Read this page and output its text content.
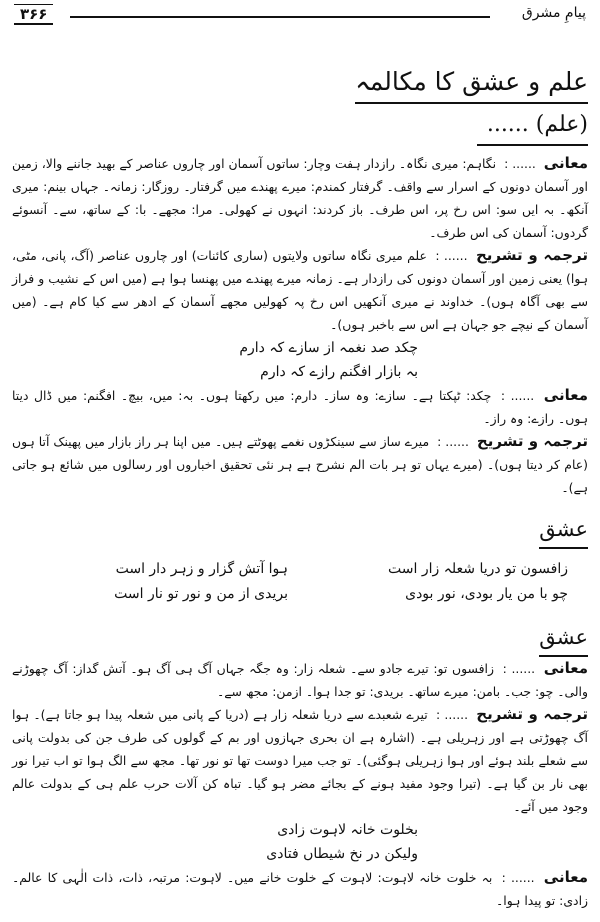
۳۶۶	پیامِ مشرق
علم و عشق کا مکالمہ
(علم) ......

معانی ...... : نگاہم: میری نگاہ۔ رازدار ہفت وچار: ساتوں آسمان اور چاروں عناصر کے بھید جاننے والا، زمین اور آسمان دونوں کے اسرار سے واقف۔ گرفتار کمندم: میرے پھندے میں گرفتار۔ روزگار: زمانہ۔ جہاں بینم: میری آنکھ۔ بہ ایں سو: اس رخ پر، اس طرف۔ باز کردند: انہوں نے کھولی۔ مرا: مجھے۔ با: کے ساتھ، سے۔ آنسوئے گردوں: آسمان کی اس طرف۔

ترجمہ و تشریح ...... : علم میری نگاہ ساتوں ولایتوں (ساری کائنات) اور چاروں عناصر (آگ، پانی، مٹی، ہوا) یعنی زمین اور آسمان دونوں کی رازدار ہے۔ زمانہ میرے پھندے میں پھنسا ہوا ہے (میں اس کے نشیب و فراز سے بھی آگاہ ہوں)۔ خداوند نے میری آنکھیں اس رخ پہ کھولیں مجھے آسمان کے ادھر سے کیا کام ہے۔ (میں آسمان کے نیچے جو جہان ہے اس سے باخبر ہوں)۔

چکد صد نغمہ از سازے کہ دارم
بہ بازار افگنم رازے کہ دارم

معانی ...... : چکد: ٹپکتا ہے۔ سازے: وہ ساز۔ دارم: میں رکھتا ہوں۔ بہ: میں، بیچ۔ افگنم: میں ڈال دیتا ہوں۔ رازے: وہ راز۔

ترجمہ و تشریح ...... : میرے ساز سے سینکڑوں نغمے پھوٹتے ہیں۔ میں اپنا ہر راز بازار میں پھینک آتا ہوں (عام کر دیتا ہوں)۔ (میرے یہاں تو ہر بات الم نشرح ہے ہر نئی تحقیق اخباروں اور رسالوں میں شائع ہو جاتی ہے)۔

عشق
زافسون تو دریا شعلہ زار است
ہوا آتش گزار و زہر دار است
چو با من یار بودی، نور بودی
بریدی از من و نور تو نار است
عشق

معانی ...... : زافسوں تو: تیرے جادو سے۔ شعلہ زار: وہ جگہ جہاں آگ ہی آگ ہو۔ آتش گداز: آگ چھوڑنے والی۔ چو: جب۔ بامن: میرے ساتھ۔ بریدی: تو جدا ہوا۔ ازمن: مجھ سے۔

ترجمہ و تشریح ...... : تیرے شعبدے سے دریا شعلہ زار ہے (دریا کے پانی میں شعلہ پیدا ہو جاتا ہے)۔ ہوا آگ چھوڑتی ہے اور زہریلی ہے۔ (اشارہ ہے ان بحری جہازوں اور بم کے گولوں کی طرف جن کی بدولت پانی سے شعلے بلند ہوئے اور ہوا زہریلی ہوگئی)۔ تو جب میرا دوست تھا تو نور تھا۔ مجھ سے الگ ہوا تو اب تیرا نور بھی نار بن گیا ہے۔ (تیرا وجود مفید ہونے کے بجائے مضر ہو گیا۔ تباہ کن آلات حرب علم ہی کے بدولت عالم وجود میں آئے۔

بخلوت خانہ لاہوت زادی
ولیکن در نخ شیطاں فتادی

معانی ...... : بہ خلوت خانہ لاہوت: لاہوت کے خلوت خانے میں۔ لاہوت: مرتبہ، ذات، ذات الٰہی کا عالم۔ زادی: تو پیدا ہوا۔
